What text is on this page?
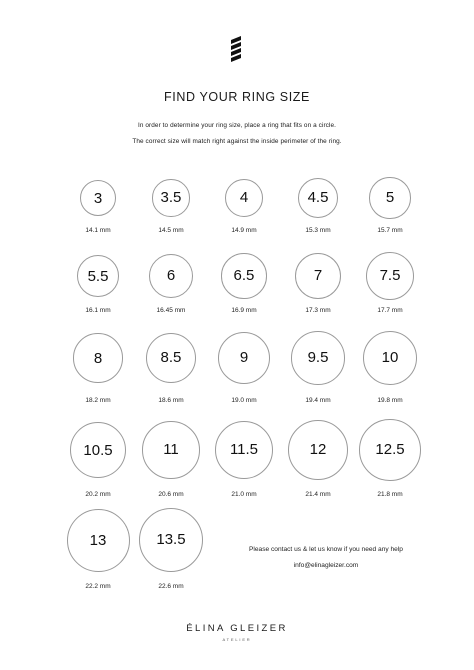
FIND YOUR RING SIZE
In order to determine your ring size, place a ring that fits on a circle.
The correct size will match right against the inside perimeter of the ring.
3
14.1 mm
3.5
14.5 mm
4
14.9 mm
4.5
15.3 mm
5
15.7 mm
5.5
16.1 mm
6
16.45 mm
6.5
16.9 mm
7
17.3 mm
7.5
17.7 mm
8
18.2 mm
8.5
18.6 mm
9
19.0 mm
9.5
19.4 mm
10
19.8 mm
10.5
20.2 mm
11
20.6 mm
11.5
21.0 mm
12
21.4 mm
12.5
21.8 mm
13
22.2 mm
13.5
22.6 mm
Please contact us & let us know if you need any help
info@elinagleizer.com
ÉLINA GLEIZER
ATELIER
